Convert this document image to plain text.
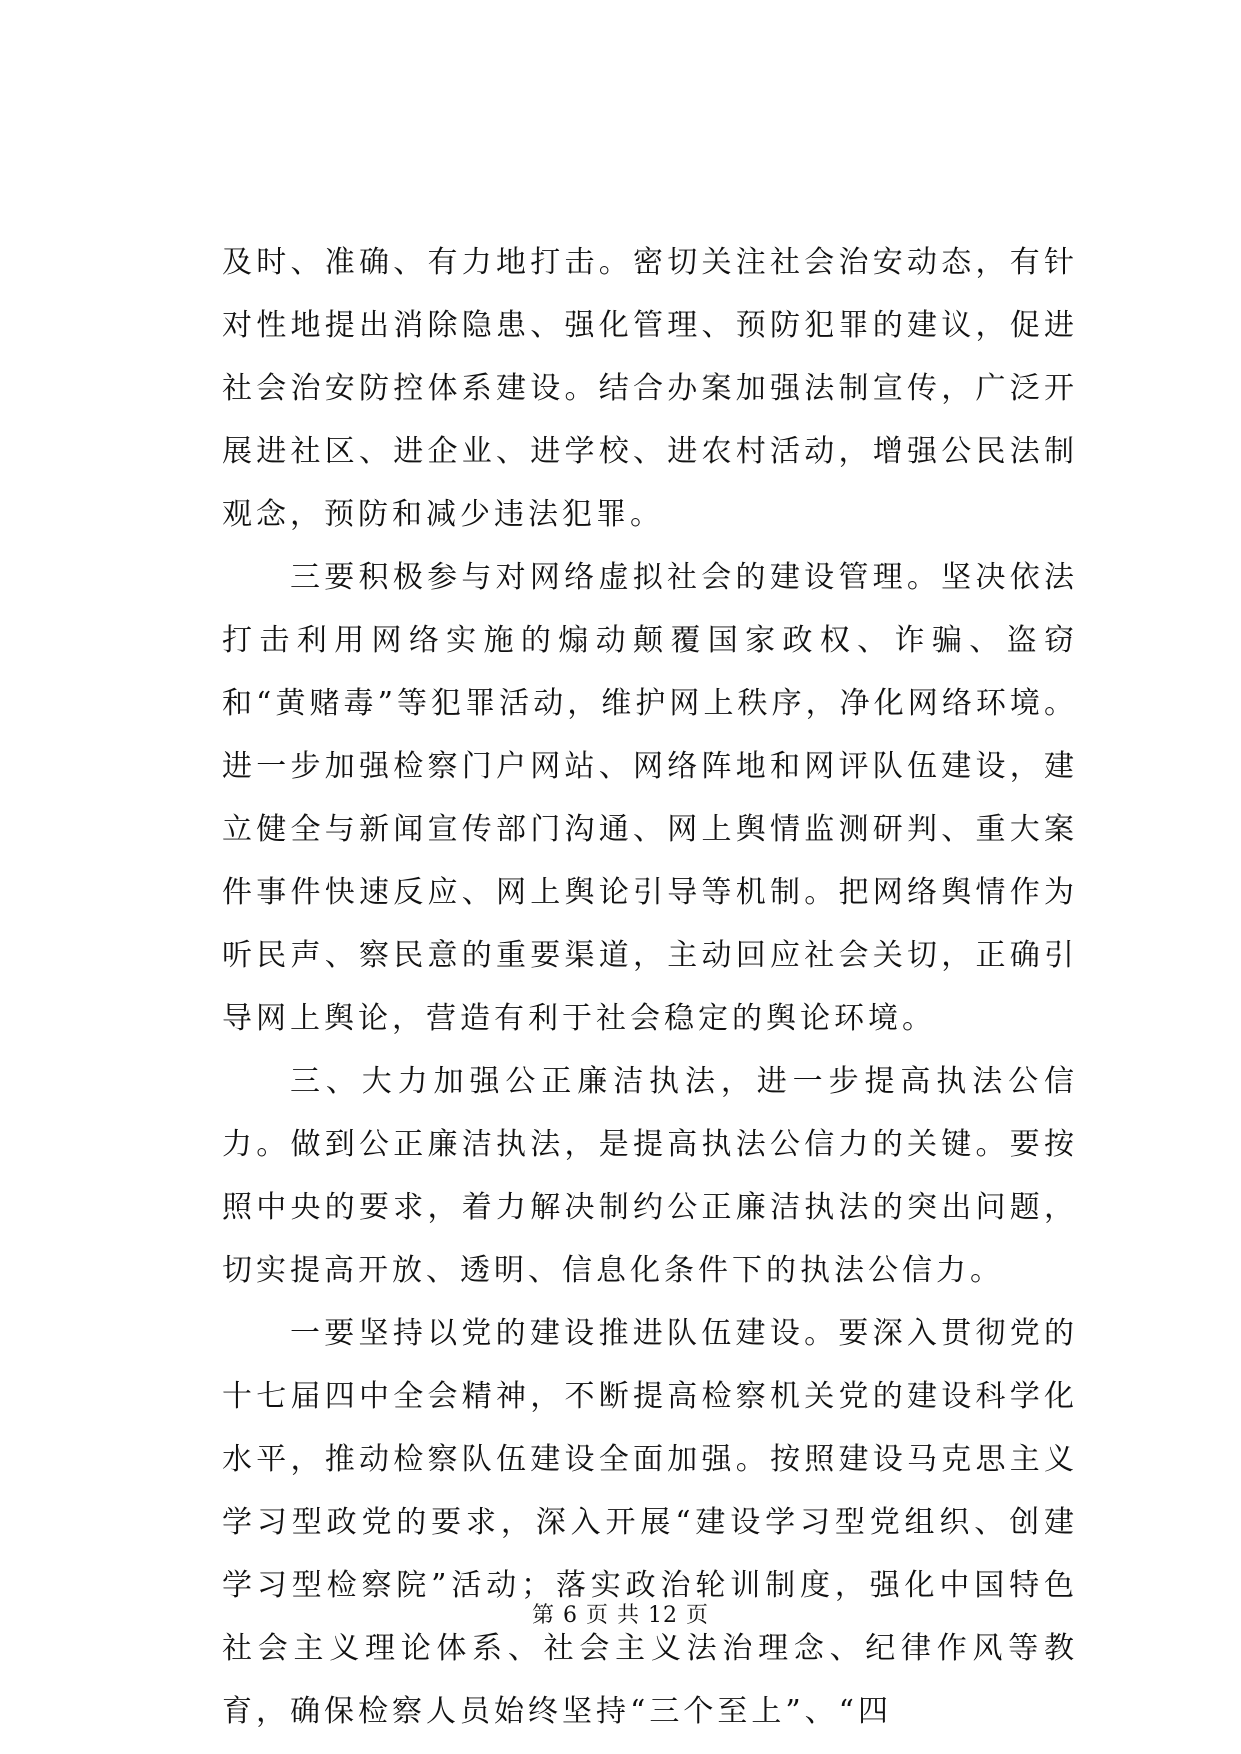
及时、准确、有力地打击。密切关注社会治安动态，有针对性地提出消除隐患、强化管理、预防犯罪的建议，促进社会治安防控体系建设。结合办案加强法制宣传，广泛开展进社区、进企业、进学校、进农村活动，增强公民法制观念，预防和减少违法犯罪。

三要积极参与对网络虚拟社会的建设管理。坚决依法打击利用网络实施的煽动颠覆国家政权、诈骗、盗窃和“黄赌毒”等犯罪活动，维护网上秩序，净化网络环境。进一步加强检察门户网站、网络阵地和网评队伍建设，建立健全与新闻宣传部门沟通、网上舆情监测研判、重大案件事件快速反应、网上舆论引导等机制。把网络舆情作为听民声、察民意的重要渠道，主动回应社会关切，正确引导网上舆论，营造有利于社会稳定的舆论环境。

三、大力加强公正廉洁执法，进一步提高执法公信力。做到公正廉洁执法，是提高执法公信力的关键。要按照中央的要求，着力解决制约公正廉洁执法的突出问题，切实提高开放、透明、信息化条件下的执法公信力。

一要坚持以党的建设推进队伍建设。要深入贯彻党的十七届四中全会精神，不断提高检察机关党的建设科学化水平，推动检察队伍建设全面加强。按照建设马克思主义学习型政党的要求，深入开展“建设学习型党组织、创建学习型检察院”活动；落实政治轮训制度，强化中国特色社会主义理论体系、社会主义法治理念、纪律作风等教育，确保检察人员始终坚持“三个至上”、“四

第 6 页 共 12 页
